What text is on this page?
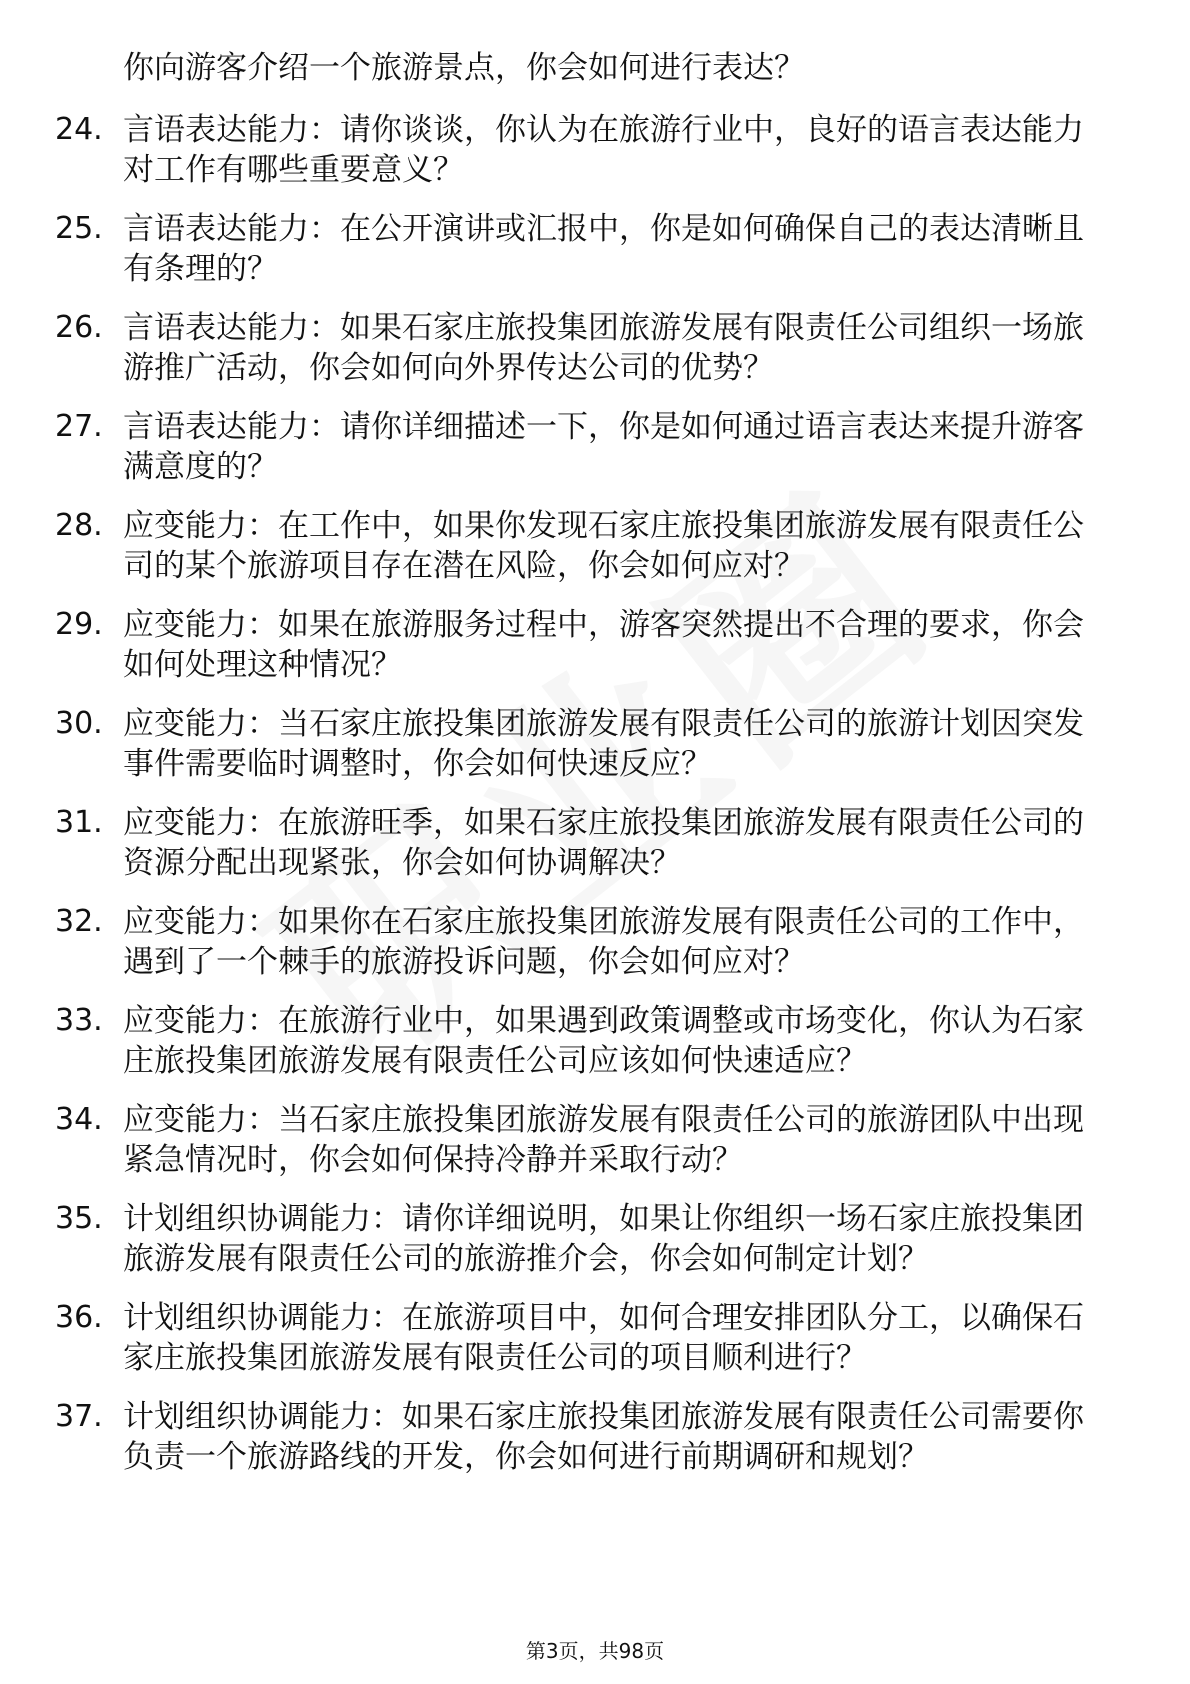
你向游客介绍一个旅游景点，你会如何进行表达？
24. 言语表达能力：请你谈谈，你认为在旅游行业中，良好的语言表达能力对工作有哪些重要意义？
25. 言语表达能力：在公开演讲或汇报中，你是如何确保自己的表达清晰且有条理的？
26. 言语表达能力：如果石家庄旅投集团旅游发展有限责任公司组织一场旅游推广活动，你会如何向外界传达公司的优势？
27. 言语表达能力：请你详细描述一下，你是如何通过语言表达来提升游客满意度的？
28. 应变能力：在工作中，如果你发现石家庄旅投集团旅游发展有限责任公司的某个旅游项目存在潜在风险，你会如何应对？
29. 应变能力：如果在旅游服务过程中，游客突然提出不合理的要求，你会如何处理这种情况？
30. 应变能力：当石家庄旅投集团旅游发展有限责任公司的旅游计划因突发事件需要临时调整时，你会如何快速反应？
31. 应变能力：在旅游旺季，如果石家庄旅投集团旅游发展有限责任公司的资源分配出现紧张，你会如何协调解决？
32. 应变能力：如果你在石家庄旅投集团旅游发展有限责任公司的工作中，遇到了一个棘手的旅游投诉问题，你会如何应对？
33. 应变能力：在旅游行业中，如果遇到政策调整或市场变化，你认为石家庄旅投集团旅游发展有限责任公司应该如何快速适应？
34. 应变能力：当石家庄旅投集团旅游发展有限责任公司的旅游团队中出现紧急情况时，你会如何保持冷静并采取行动？
35. 计划组织协调能力：请你详细说明，如果让你组织一场石家庄旅投集团旅游发展有限责任公司的旅游推介会，你会如何制定计划？
36. 计划组织协调能力：在旅游项目中，如何合理安排团队分工，以确保石家庄旅投集团旅游发展有限责任公司的项目顺利进行？
37. 计划组织协调能力：如果石家庄旅投集团旅游发展有限责任公司需要你负责一个旅游路线的开发，你会如何进行前期调研和规划？
第3页，共98页
